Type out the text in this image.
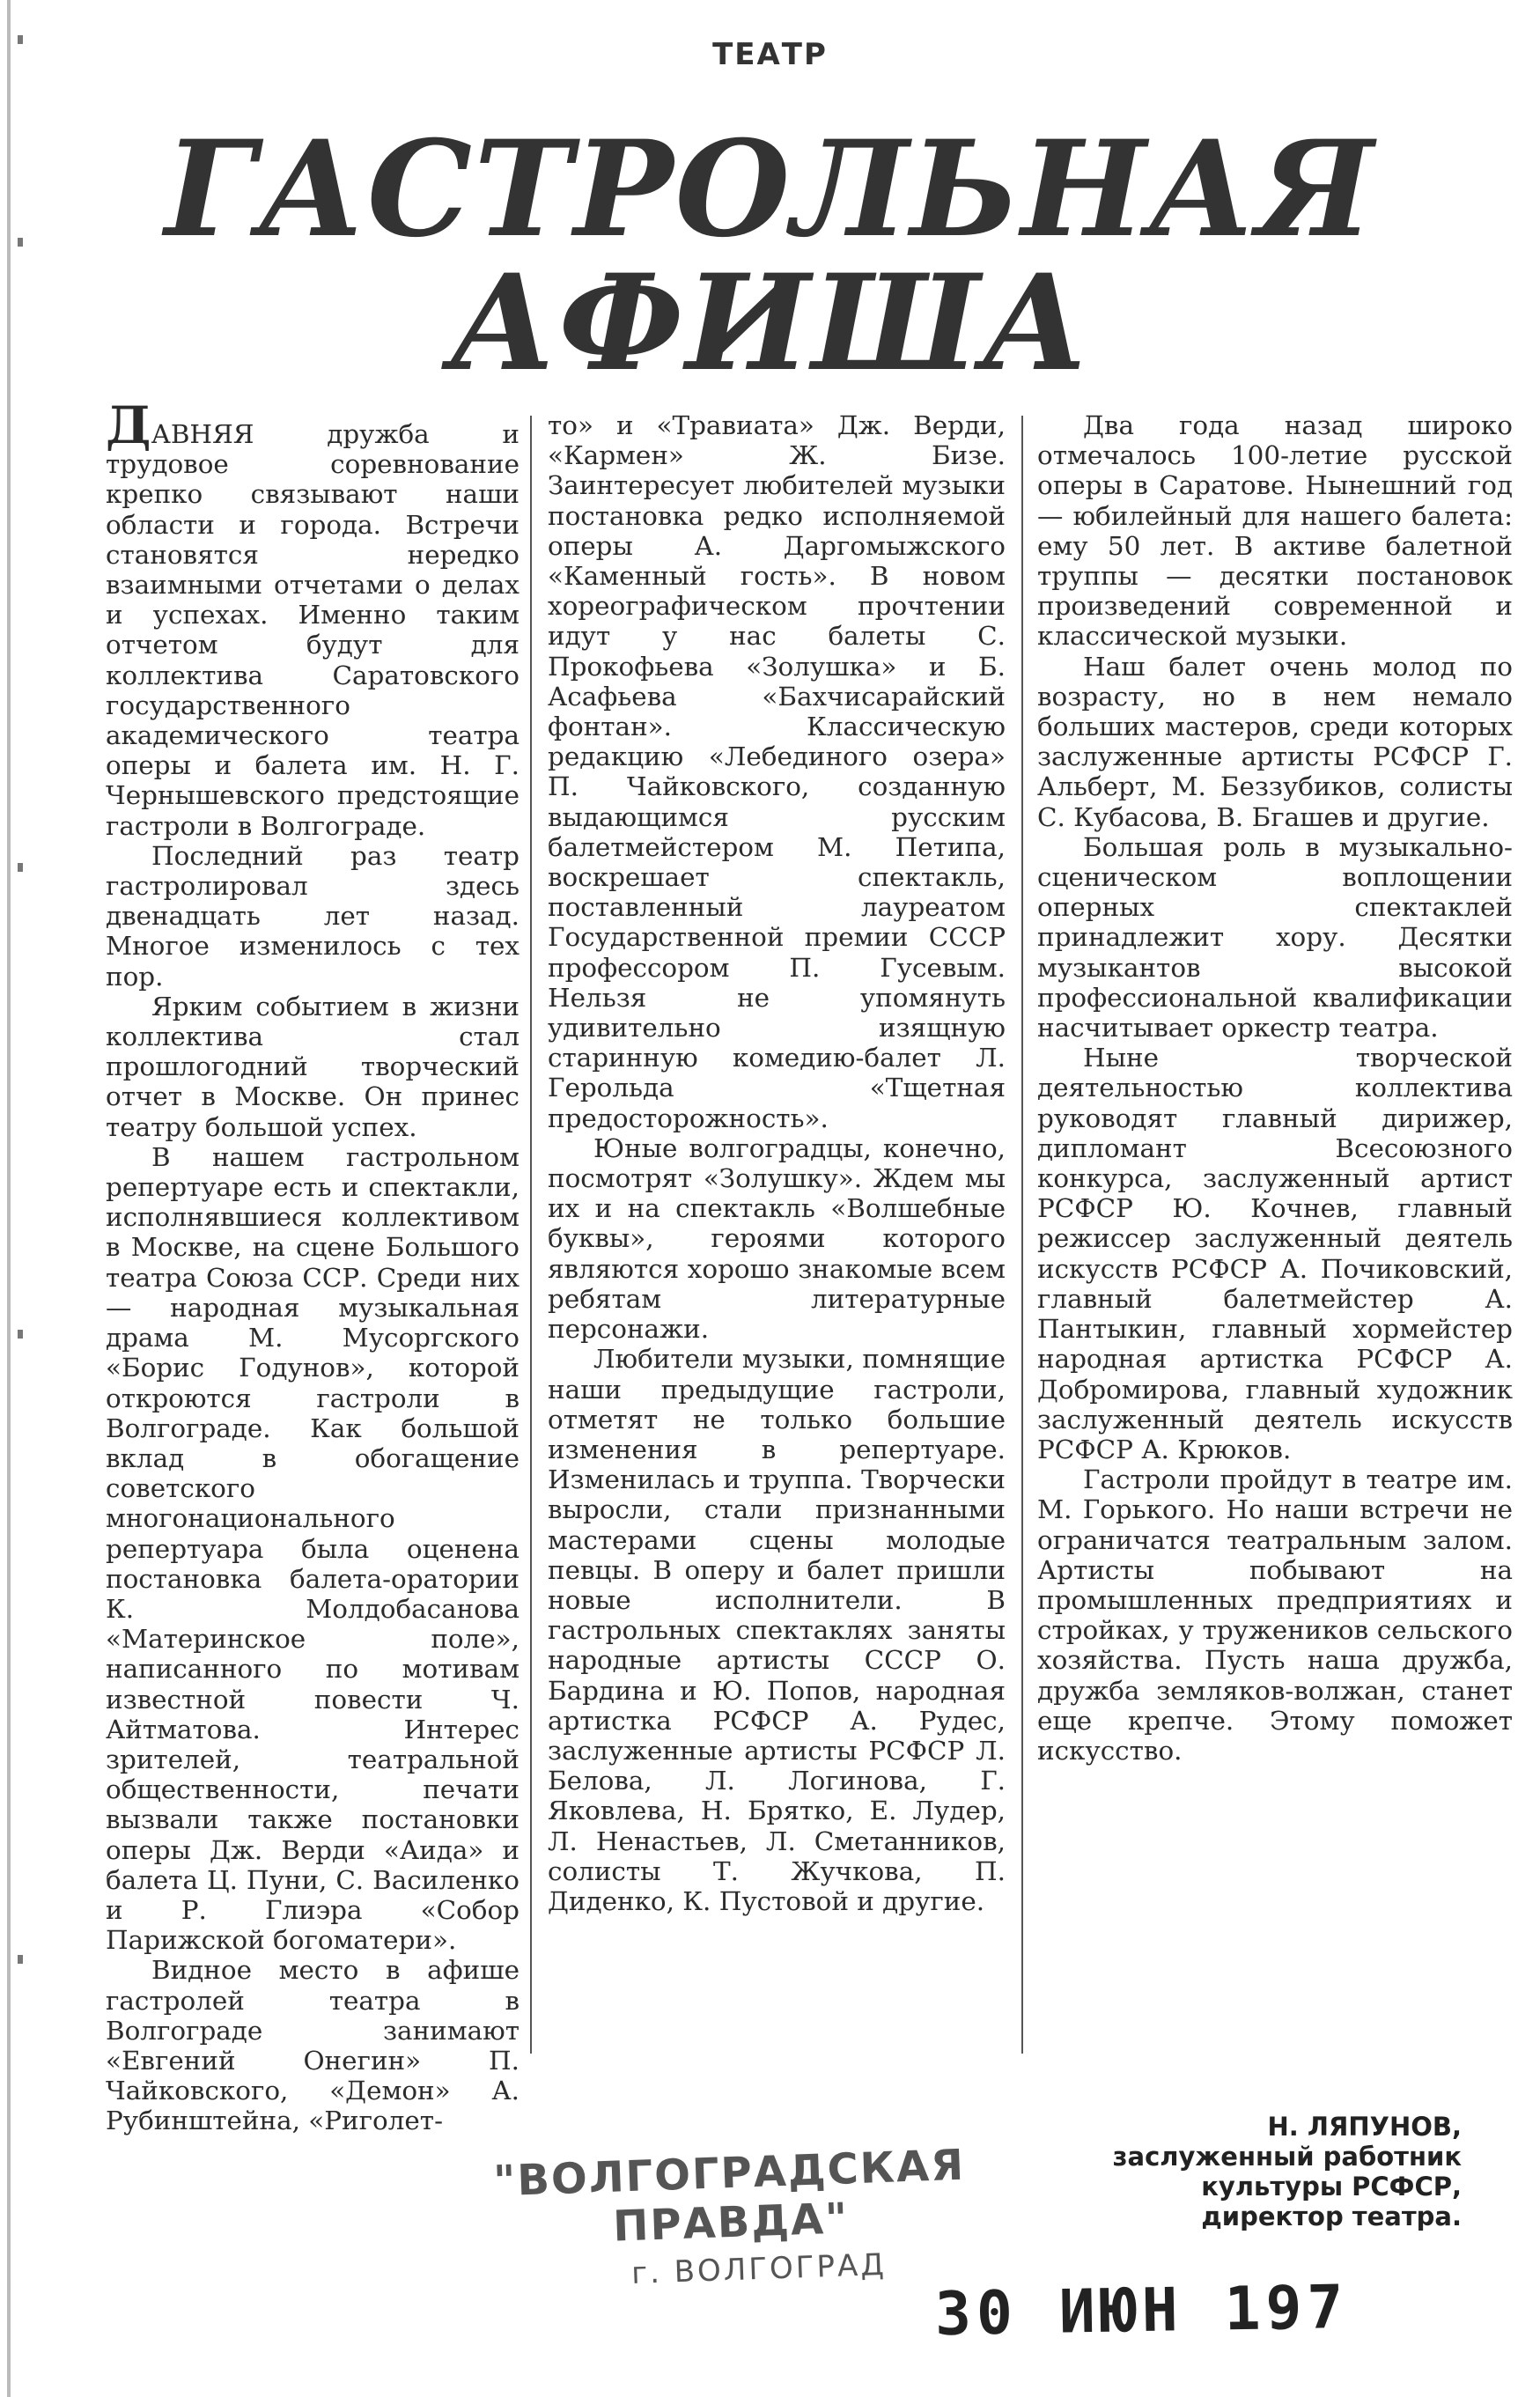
ТЕАТР
ГАСТРОЛЬНАЯ
АФИША

ДАВНЯЯ дружба и трудовое соревнование крепко связывают наши области и города. Встречи становятся нередко взаимными отчетами о делах и успехах. Именно таким отчетом будут для коллектива Саратовского государственного академического театра оперы и балета им. Н. Г. Чернышевского предстоящие гастроли в Волгограде.

Последний раз театр гастролировал здесь двенадцать лет назад. Многое изменилось с тех пор.

Ярким событием в жизни коллектива стал прошлогодний творческий отчет в Москве. Он принес театру большой успех.

В нашем гастрольном репертуаре есть и спектакли, исполнявшиеся коллективом в Москве, на сцене Большого театра Союза ССР. Среди них — народная музыкальная драма М. Мусоргского «Борис Годунов», которой откроются гастроли в Волгограде. Как большой вклад в обогащение советского многонационального репертуара была оценена постановка балета-оратории К. Молдобасанова «Материнское поле», написанного по мотивам известной повести Ч. Айтматова. Интерес зрителей, театральной общественности, печати вызвали также постановки оперы Дж. Верди «Аида» и балета Ц. Пуни, С. Василенко и Р. Глиэра «Собор Парижской богоматери».

Видное место в афише гастролей театра в Волгограде занимают «Евгений Онегин» П. Чайковского, «Демон» А. Рубинштейна, «Риголет-

то» и «Травиата» Дж. Верди, «Кармен» Ж. Бизе. Заинтересует любителей музыки постановка редко исполняемой оперы А. Даргомыжского «Каменный гость». В новом хореографическом прочтении идут у нас балеты С. Прокофьева «Золушка» и Б. Асафьева «Бахчисарайский фонтан». Классическую редакцию «Лебединого озера» П. Чайковского, созданную выдающимся русским балетмейстером М. Петипа, воскрешает спектакль, поставленный лауреатом Государственной премии СССР профессором П. Гусевым. Нельзя не упомянуть удивительно изящную старинную комедию-балет Л. Герольда «Тщетная предосторожность».

Юные волгоградцы, конечно, посмотрят «Золушку». Ждем мы их и на спектакль «Волшебные буквы», героями которого являются хорошо знакомые всем ребятам литературные персонажи.

Любители музыки, помнящие наши предыдущие гастроли, отметят не только большие изменения в репертуаре. Изменилась и труппа. Творчески выросли, стали признанными мастерами сцены молодые певцы. В оперу и балет пришли новые исполнители. В гастрольных спектаклях заняты народные артисты СССР О. Бардина и Ю. Попов, народная артистка РСФСР А. Рудес, заслуженные артисты РСФСР Л. Белова, Л. Логинова, Г. Яковлева, Н. Брятко, Е. Лудер, Л. Ненастьев, Л. Сметанников, солисты Т. Жучкова, П. Диденко, К. Пустовой и другие.

Два года назад широко отмечалось 100-летие русской оперы в Саратове. Нынешний год — юбилейный для нашего балета: ему 50 лет. В активе балетной труппы — десятки постановок произведений современной и классической музыки.

Наш балет очень молод по возрасту, но в нем немало больших мастеров, среди которых заслуженные артисты РСФСР Г. Альберт, М. Беззубиков, солисты С. Кубасова, В. Бгашев и другие.

Большая роль в музыкально-сценическом воплощении оперных спектаклей принадлежит хору. Десятки музыкантов высокой профессиональной квалификации насчитывает оркестр театра.

Ныне творческой деятельностью коллектива руководят главный дирижер, дипломант Всесоюзного конкурса, заслуженный артист РСФСР Ю. Кочнев, главный режиссер заслуженный деятель искусств РСФСР А. Почиковский, главный балетмейстер А. Пантыкин, главный хормейстер народная артистка РСФСР А. Добромирова, главный художник заслуженный деятель искусств РСФСР А. Крюков.

Гастроли пройдут в театре им. М. Горького. Но наши встречи не ограничатся театральным залом. Артисты побывают на промышленных предприятиях и стройках, у тружеников сельского хозяйства. Пусть наша дружба, дружба земляков-волжан, станет еще крепче. Этому поможет искусство.

Н. ЛЯПУНОВ,
заслуженный работник
культуры РСФСР,
директор театра.
"ВОЛГОГРАДСКАЯ ПРАВДА"
г. ВОЛГОГРАД
30 ИЮН 197
